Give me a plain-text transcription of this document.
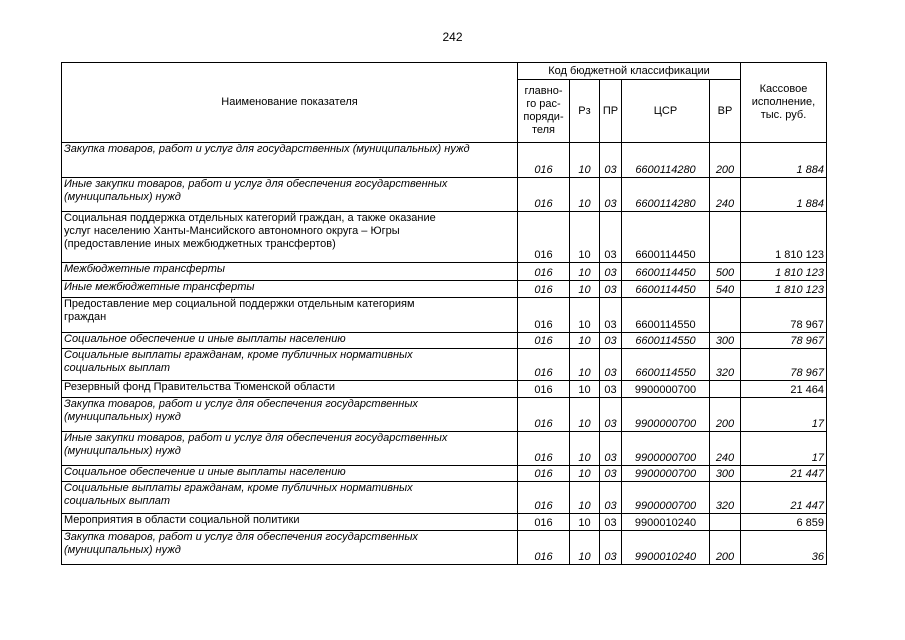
242
Наименование показателя	Код бюджетной классификации					Кассовое исполнение, тыс. руб.
	главно-го рас-поряди-теля	Рз	ПР	ЦСР	ВР	
Закупка товаров, работ и услуг для государственных (муниципальных) нужд	016	10	03	6600114280	200	1 884
Иные закупки товаров, работ и услуг для обеспечения государственных
(муниципальных) нужд	016	10	03	6600114280	240	1 884
Социальная поддержка отдельных категорий граждан, а также оказание
услуг населению Ханты-Мансийского автономного округа – Югры
(предоставление иных межбюджетных трансфертов)	016	10	03	6600114450		1 810 123
Межбюджетные трансферты	016	10	03	6600114450	500	1 810 123
Иные межбюджетные трансферты	016	10	03	6600114450	540	1 810 123
Предоставление мер социальной поддержки отдельным категориям
граждан	016	10	03	6600114550		78 967
Социальное обеспечение и иные выплаты населению	016	10	03	6600114550	300	78 967
Социальные выплаты гражданам, кроме публичных нормативных
социальных выплат	016	10	03	6600114550	320	78 967
Резервный фонд Правительства Тюменской области	016	10	03	9900000700		21 464
Закупка товаров, работ и услуг для обеспечения государственных
(муниципальных) нужд	016	10	03	9900000700	200	17
Иные закупки товаров, работ и услуг для обеспечения государственных
(муниципальных) нужд	016	10	03	9900000700	240	17
Социальное обеспечение и иные выплаты населению	016	10	03	9900000700	300	21 447
Социальные выплаты гражданам, кроме публичных нормативных
социальных выплат	016	10	03	9900000700	320	21 447
Мероприятия в области социальной политики	016	10	03	9900010240		6 859
Закупка товаров, работ и услуг для обеспечения государственных
(муниципальных) нужд	016	10	03	9900010240	200	36
